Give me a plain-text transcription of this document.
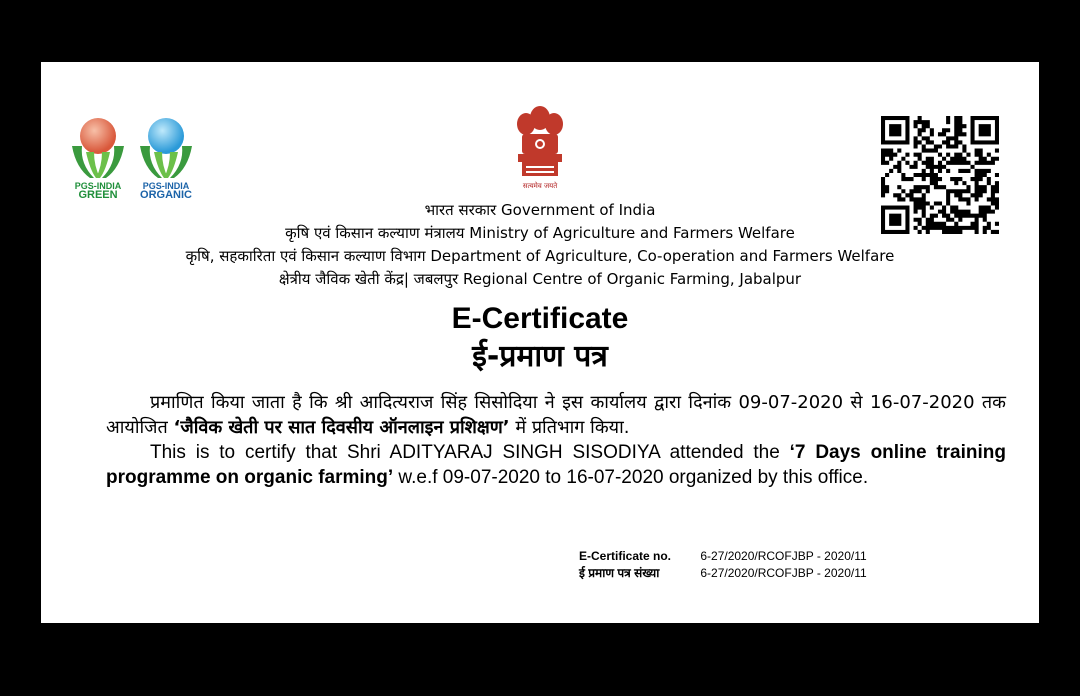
PGS-INDIA
GREEN
PGS-INDIA
ORGANIC
सत्यमेव जयते
भारत सरकार Government of India
कृषि एवं किसान कल्याण मंत्रालय Ministry of Agriculture and Farmers Welfare
कृषि, सहकारिता एवं किसान कल्याण विभाग Department of Agriculture, Co-operation and Farmers Welfare
क्षेत्रीय जैविक खेती केंद्र| जबलपुर Regional Centre of Organic Farming, Jabalpur
E-Certificate
ई-प्रमाण पत्र

प्रमाणित किया जाता है कि श्री आदित्यराज सिंह सिसोदिया ने इस कार्यालय द्वारा दिनांक 09-07-2020 से 16-07-2020 तक आयोजित ‘जैविक खेती पर सात दिवसीय ऑनलाइन प्रशिक्षण’ में प्रतिभाग किया.

This is to certify that Shri ADITYARAJ SINGH SISODIYA attended the ‘7 Days online training programme on organic farming’ w.e.f 09-07-2020 to 16-07-2020 organized by this office.

E-Certificate no. 6-27/2020/RCOFJBP - 2020/11
ई प्रमाण पत्र संख्या	6-27/2020/RCOFJBP - 2020/11
